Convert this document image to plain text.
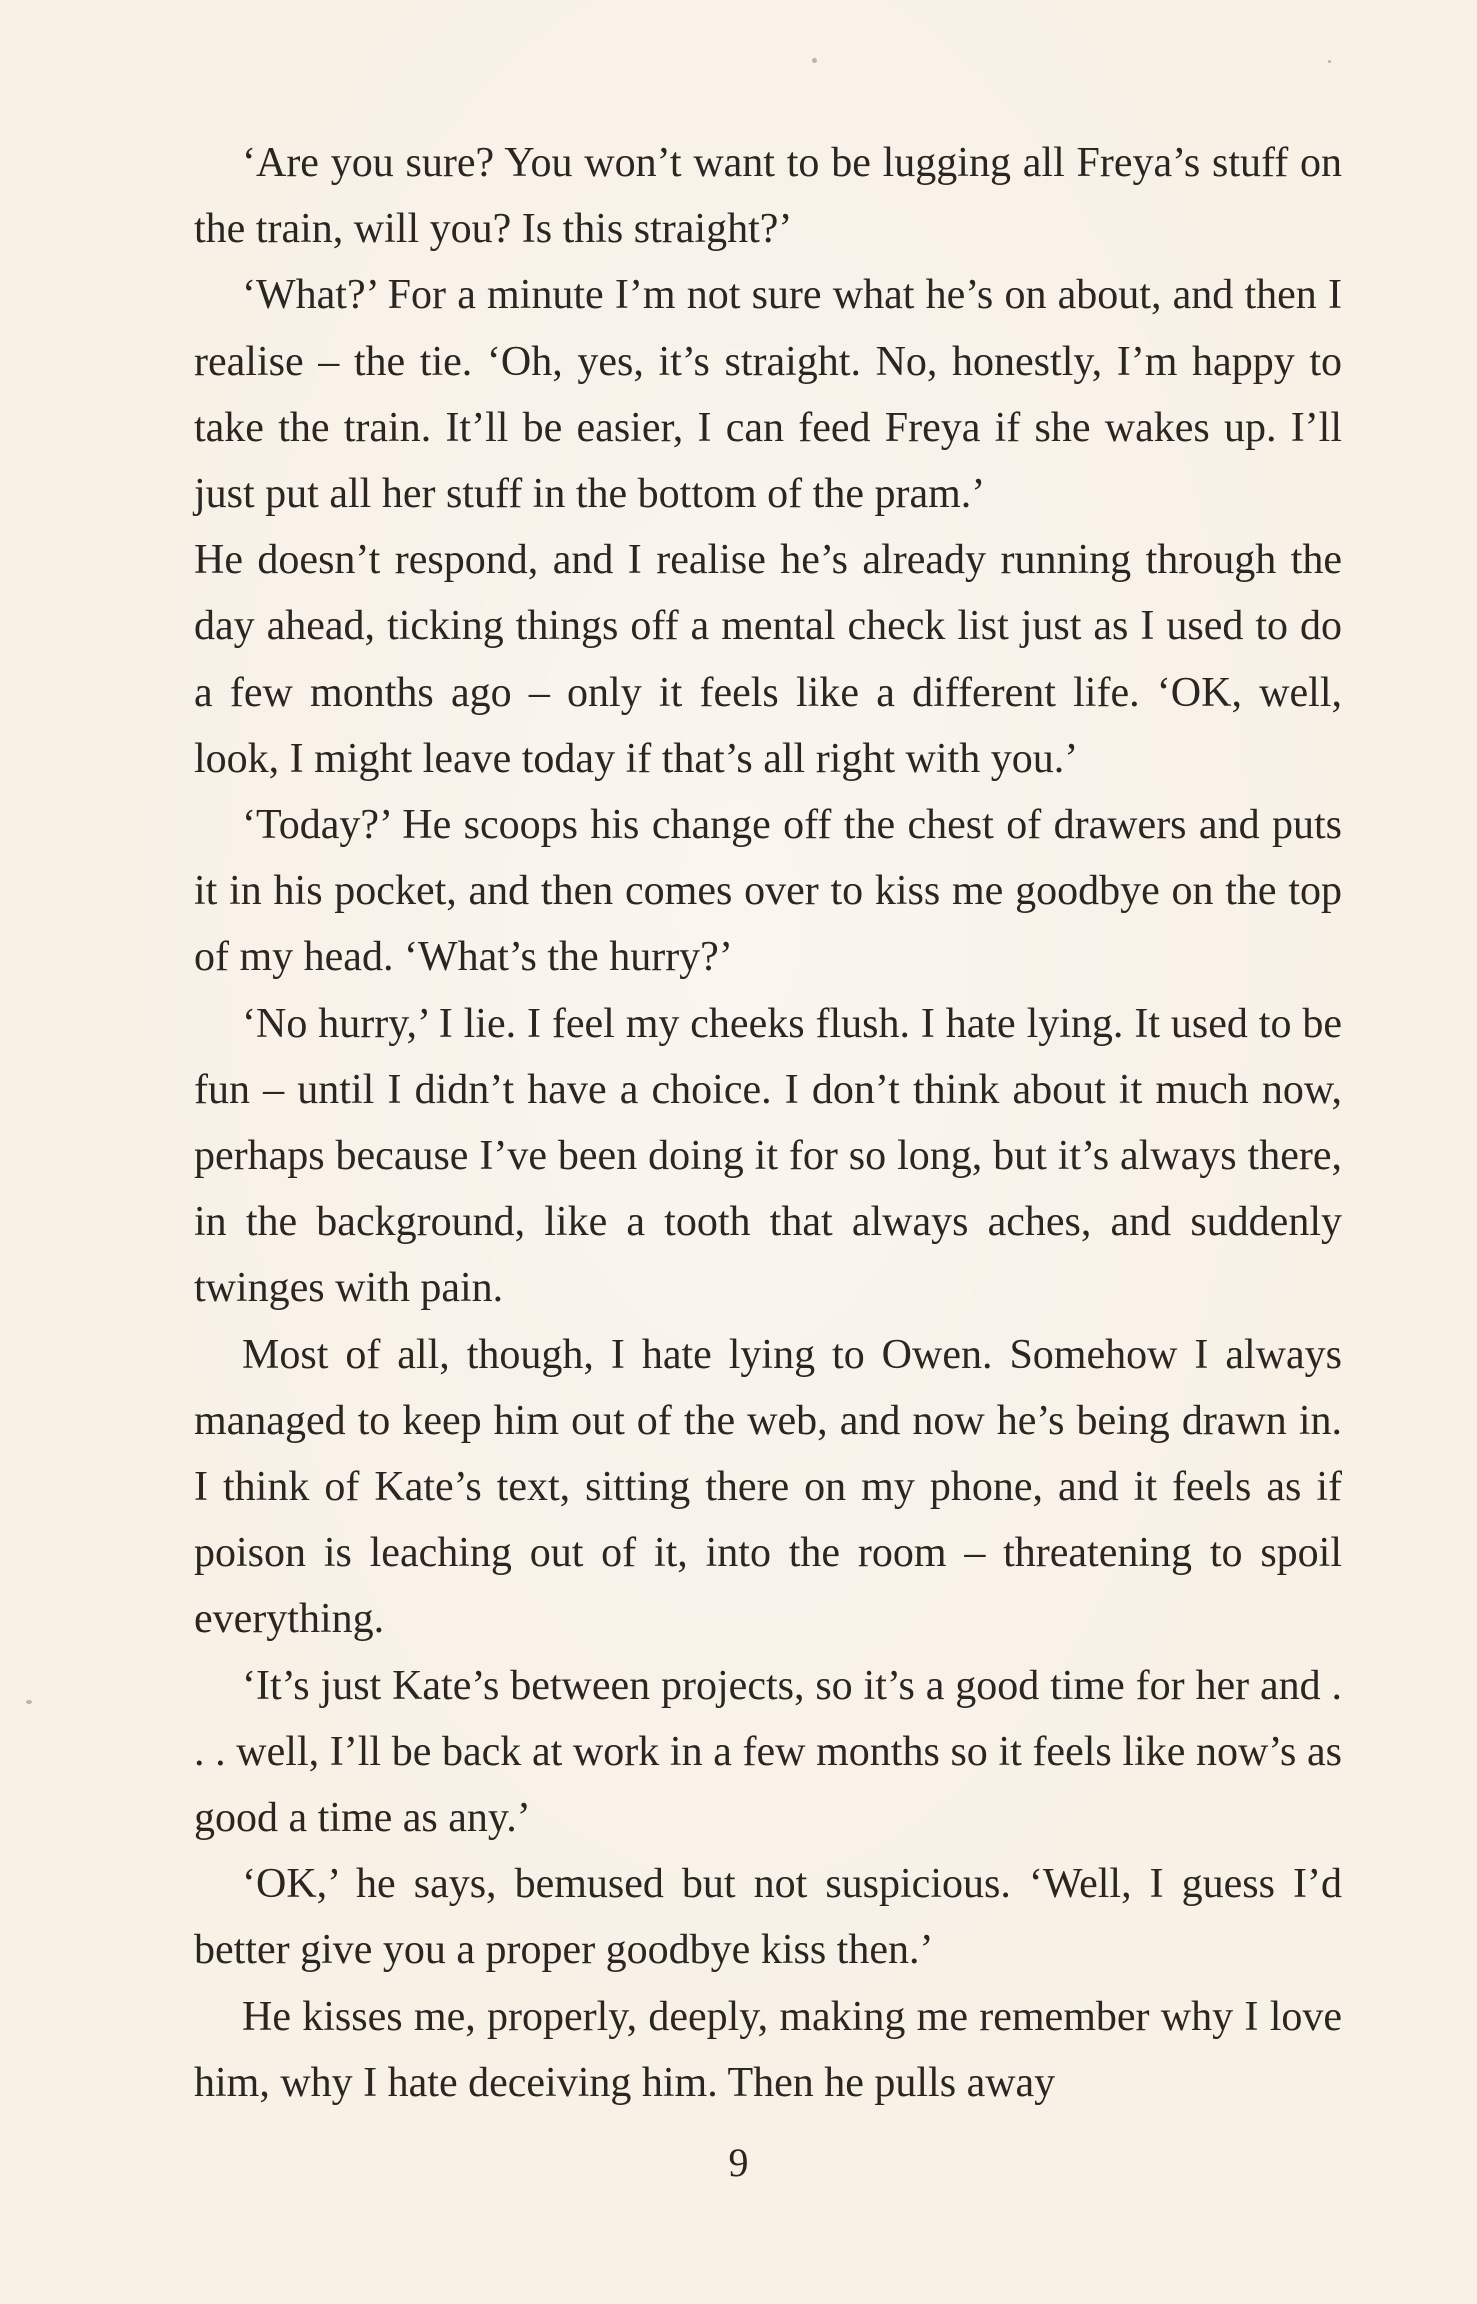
‘Are you sure? You won’t want to be lugging all Freya’s stuff on the train, will you? Is this straight?’

‘What?’ For a minute I’m not sure what he’s on about, and then I realise – the tie. ‘Oh, yes, it’s straight. No, honestly, I’m happy to take the train. It’ll be easier, I can feed Freya if she wakes up. I’ll just put all her stuff in the bottom of the pram.’

He doesn’t respond, and I realise he’s already running through the day ahead, ticking things off a mental check list just as I used to do a few months ago – only it feels like a different life. ‘OK, well, look, I might leave today if that’s all right with you.’

‘Today?’ He scoops his change off the chest of drawers and puts it in his pocket, and then comes over to kiss me goodbye on the top of my head. ‘What’s the hurry?’

‘No hurry,’ I lie. I feel my cheeks flush. I hate lying. It used to be fun – until I didn’t have a choice. I don’t think about it much now, perhaps because I’ve been doing it for so long, but it’s always there, in the background, like a tooth that always aches, and suddenly twinges with pain.

Most of all, though, I hate lying to Owen. Somehow I always managed to keep him out of the web, and now he’s being drawn in. I think of Kate’s text, sitting there on my phone, and it feels as if poison is leaching out of it, into the room – threatening to spoil everything.

‘It’s just Kate’s between projects, so it’s a good time for her and . . . well, I’ll be back at work in a few months so it feels like now’s as good a time as any.’

‘OK,’ he says, bemused but not suspicious. ‘Well, I guess I’d better give you a proper goodbye kiss then.’

He kisses me, properly, deeply, making me remember why I love him, why I hate deceiving him. Then he pulls away

9
